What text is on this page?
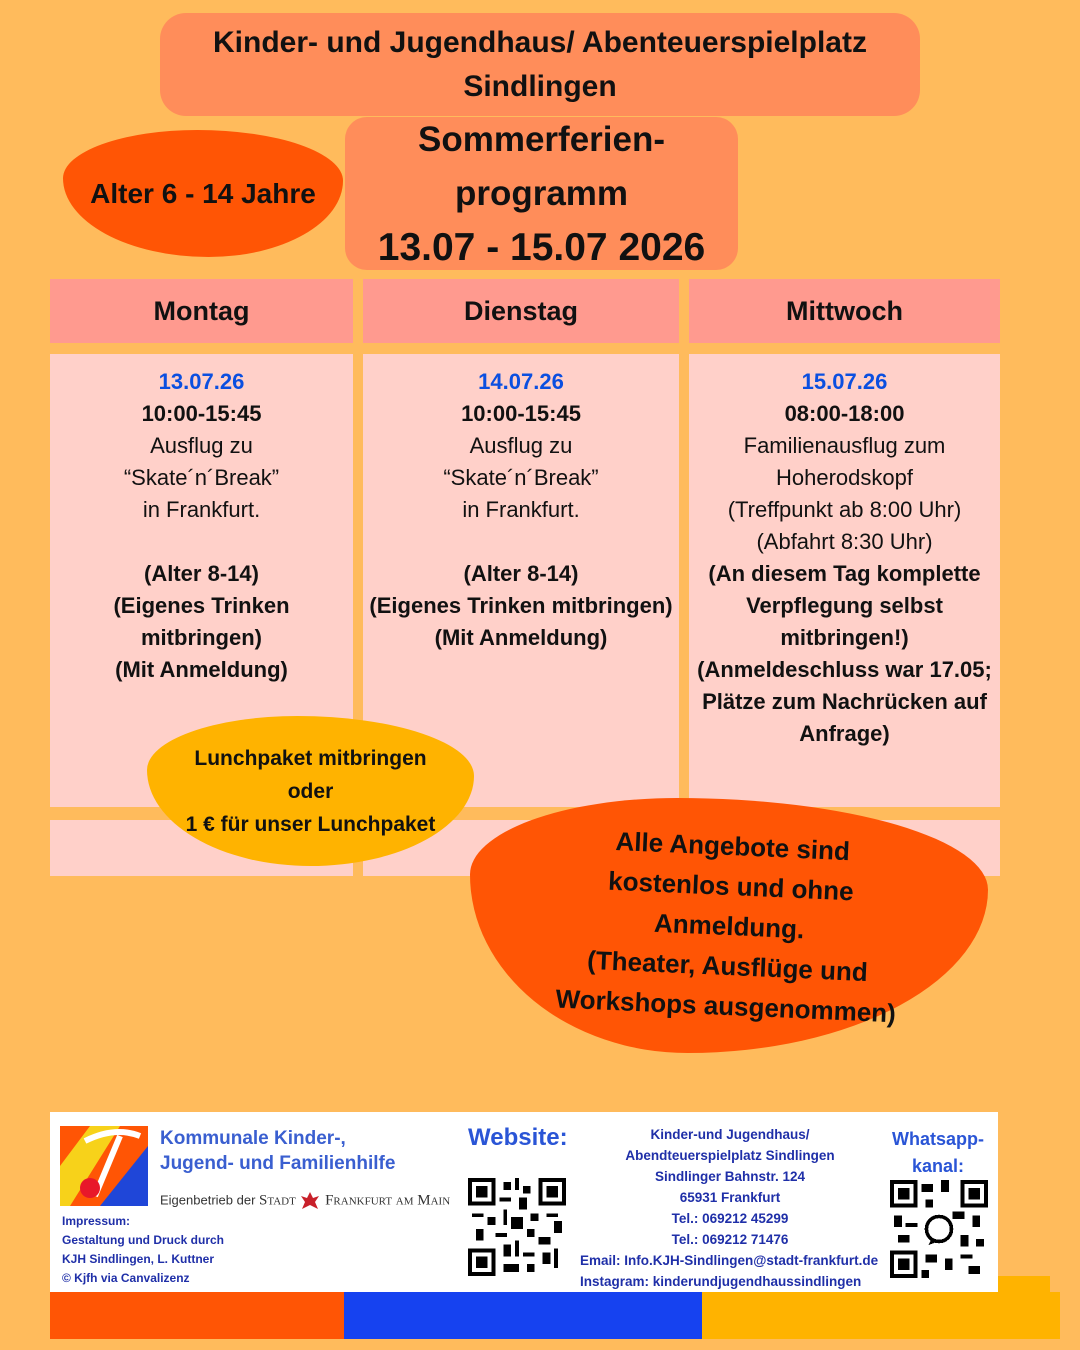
Kinder- und Jugendhaus/ Abenteuerspielplatz
Sindlingen
Sommerferien-
programm
13.07 - 15.07 2026
Alter 6 - 14 Jahre
Montag	Dienstag	Mittwoch
13.07.26
10:00-15:45
Ausflug zu
“Skate´n´Break”
in Frankfurt.
(Alter 8-14)
(Eigenes Trinken
mitbringen)
(Mit Anmeldung)
14.07.26
10:00-15:45
Ausflug zu
“Skate´n´Break”
in Frankfurt.
(Alter 8-14)
(Eigenes Trinken mitbringen)
(Mit Anmeldung)
15.07.26
08:00-18:00
Familienausflug zum
Hoherodskopf
(Treffpunkt ab 8:00 Uhr)
(Abfahrt 8:30 Uhr)
(An diesem Tag komplette
Verpflegung selbst
mitbringen!)
(Anmeldeschluss war 17.05;
Plätze zum Nachrücken auf
Anfrage)
Lunchpaket mitbringen
oder
1 € für unser Lunchpaket
Alle Angebote sind
kostenlos und ohne
Anmeldung.
(Theater, Ausflüge und
Workshops ausgenommen)
Kommunale Kinder-,
Jugend- und Familienhilfe
Eigenbetrieb der Stadt Frankfurt am Main
Impressum:
Gestaltung und Druck durch
KJH Sindlingen, L. Kuttner
© Kjfh via Canvalizenz
Website:	Kinder-und Jugendhaus/
Abendteuerspielplatz Sindlingen
Sindlinger Bahnstr. 124
65931 Frankfurt
Tel.: 069212 45299
Tel.: 069212 71476
Email: Info.KJH-Sindlingen@stadt-frankfurt.de
Instagram: kinderundjugendhaussindlingen
Whatsapp-
kanal:
